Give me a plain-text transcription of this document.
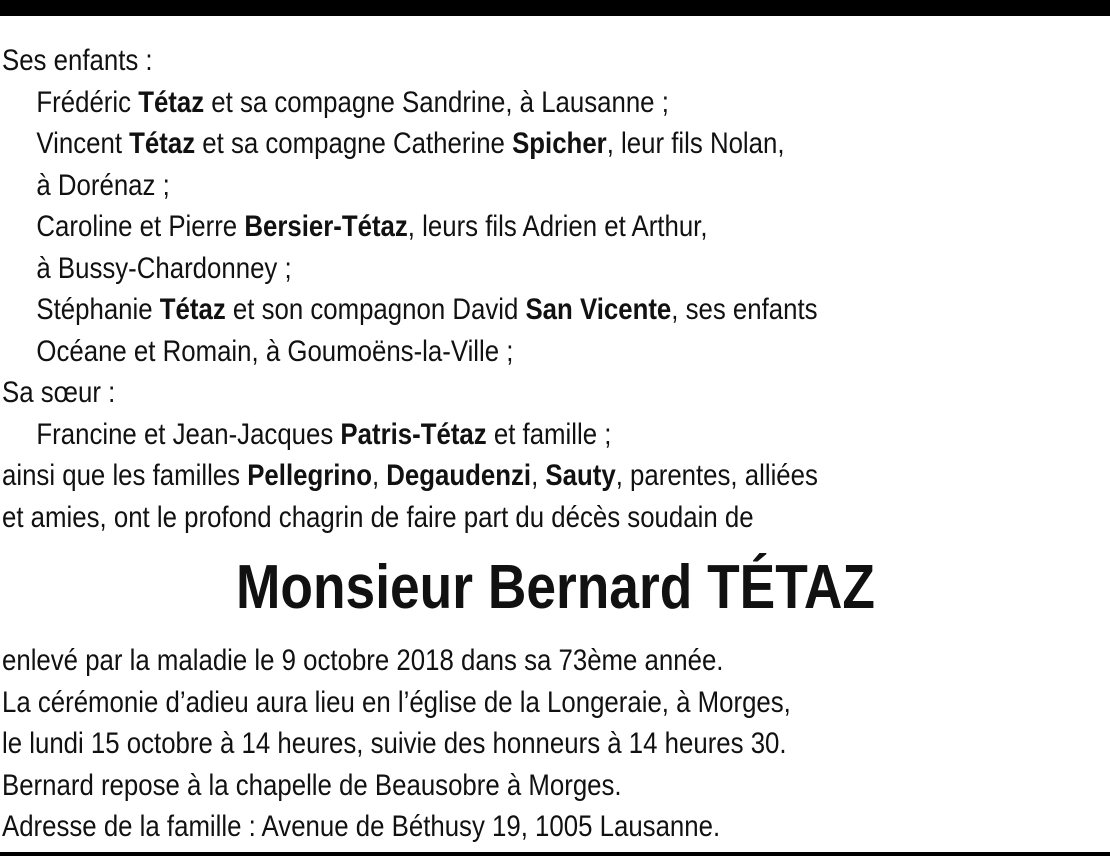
Ses enfants :
Frédéric Tétaz et sa compagne Sandrine, à Lausanne ;
Vincent Tétaz et sa compagne Catherine Spicher, leur fils Nolan,
à Dorénaz ;
Caroline et Pierre Bersier-Tétaz, leurs fils Adrien et Arthur,
à Bussy-Chardonney ;
Stéphanie Tétaz et son compagnon David San Vicente, ses enfants
Océane et Romain, à Goumoëns-la-Ville ;
Sa sœur :
Francine et Jean-Jacques Patris-Tétaz et famille ;
ainsi que les familles Pellegrino, Degaudenzi, Sauty, parentes, alliées
et amies, ont le profond chagrin de faire part du décès soudain de
Monsieur Bernard TÉTAZ
enlevé par la maladie le 9 octobre 2018 dans sa 73ème année.
La cérémonie d’adieu aura lieu en l’église de la Longeraie, à Morges,
le lundi 15 octobre à 14 heures, suivie des honneurs à 14 heures 30.
Bernard repose à la chapelle de Beausobre à Morges.
Adresse de la famille : Avenue de Béthusy 19, 1005 Lausanne.
